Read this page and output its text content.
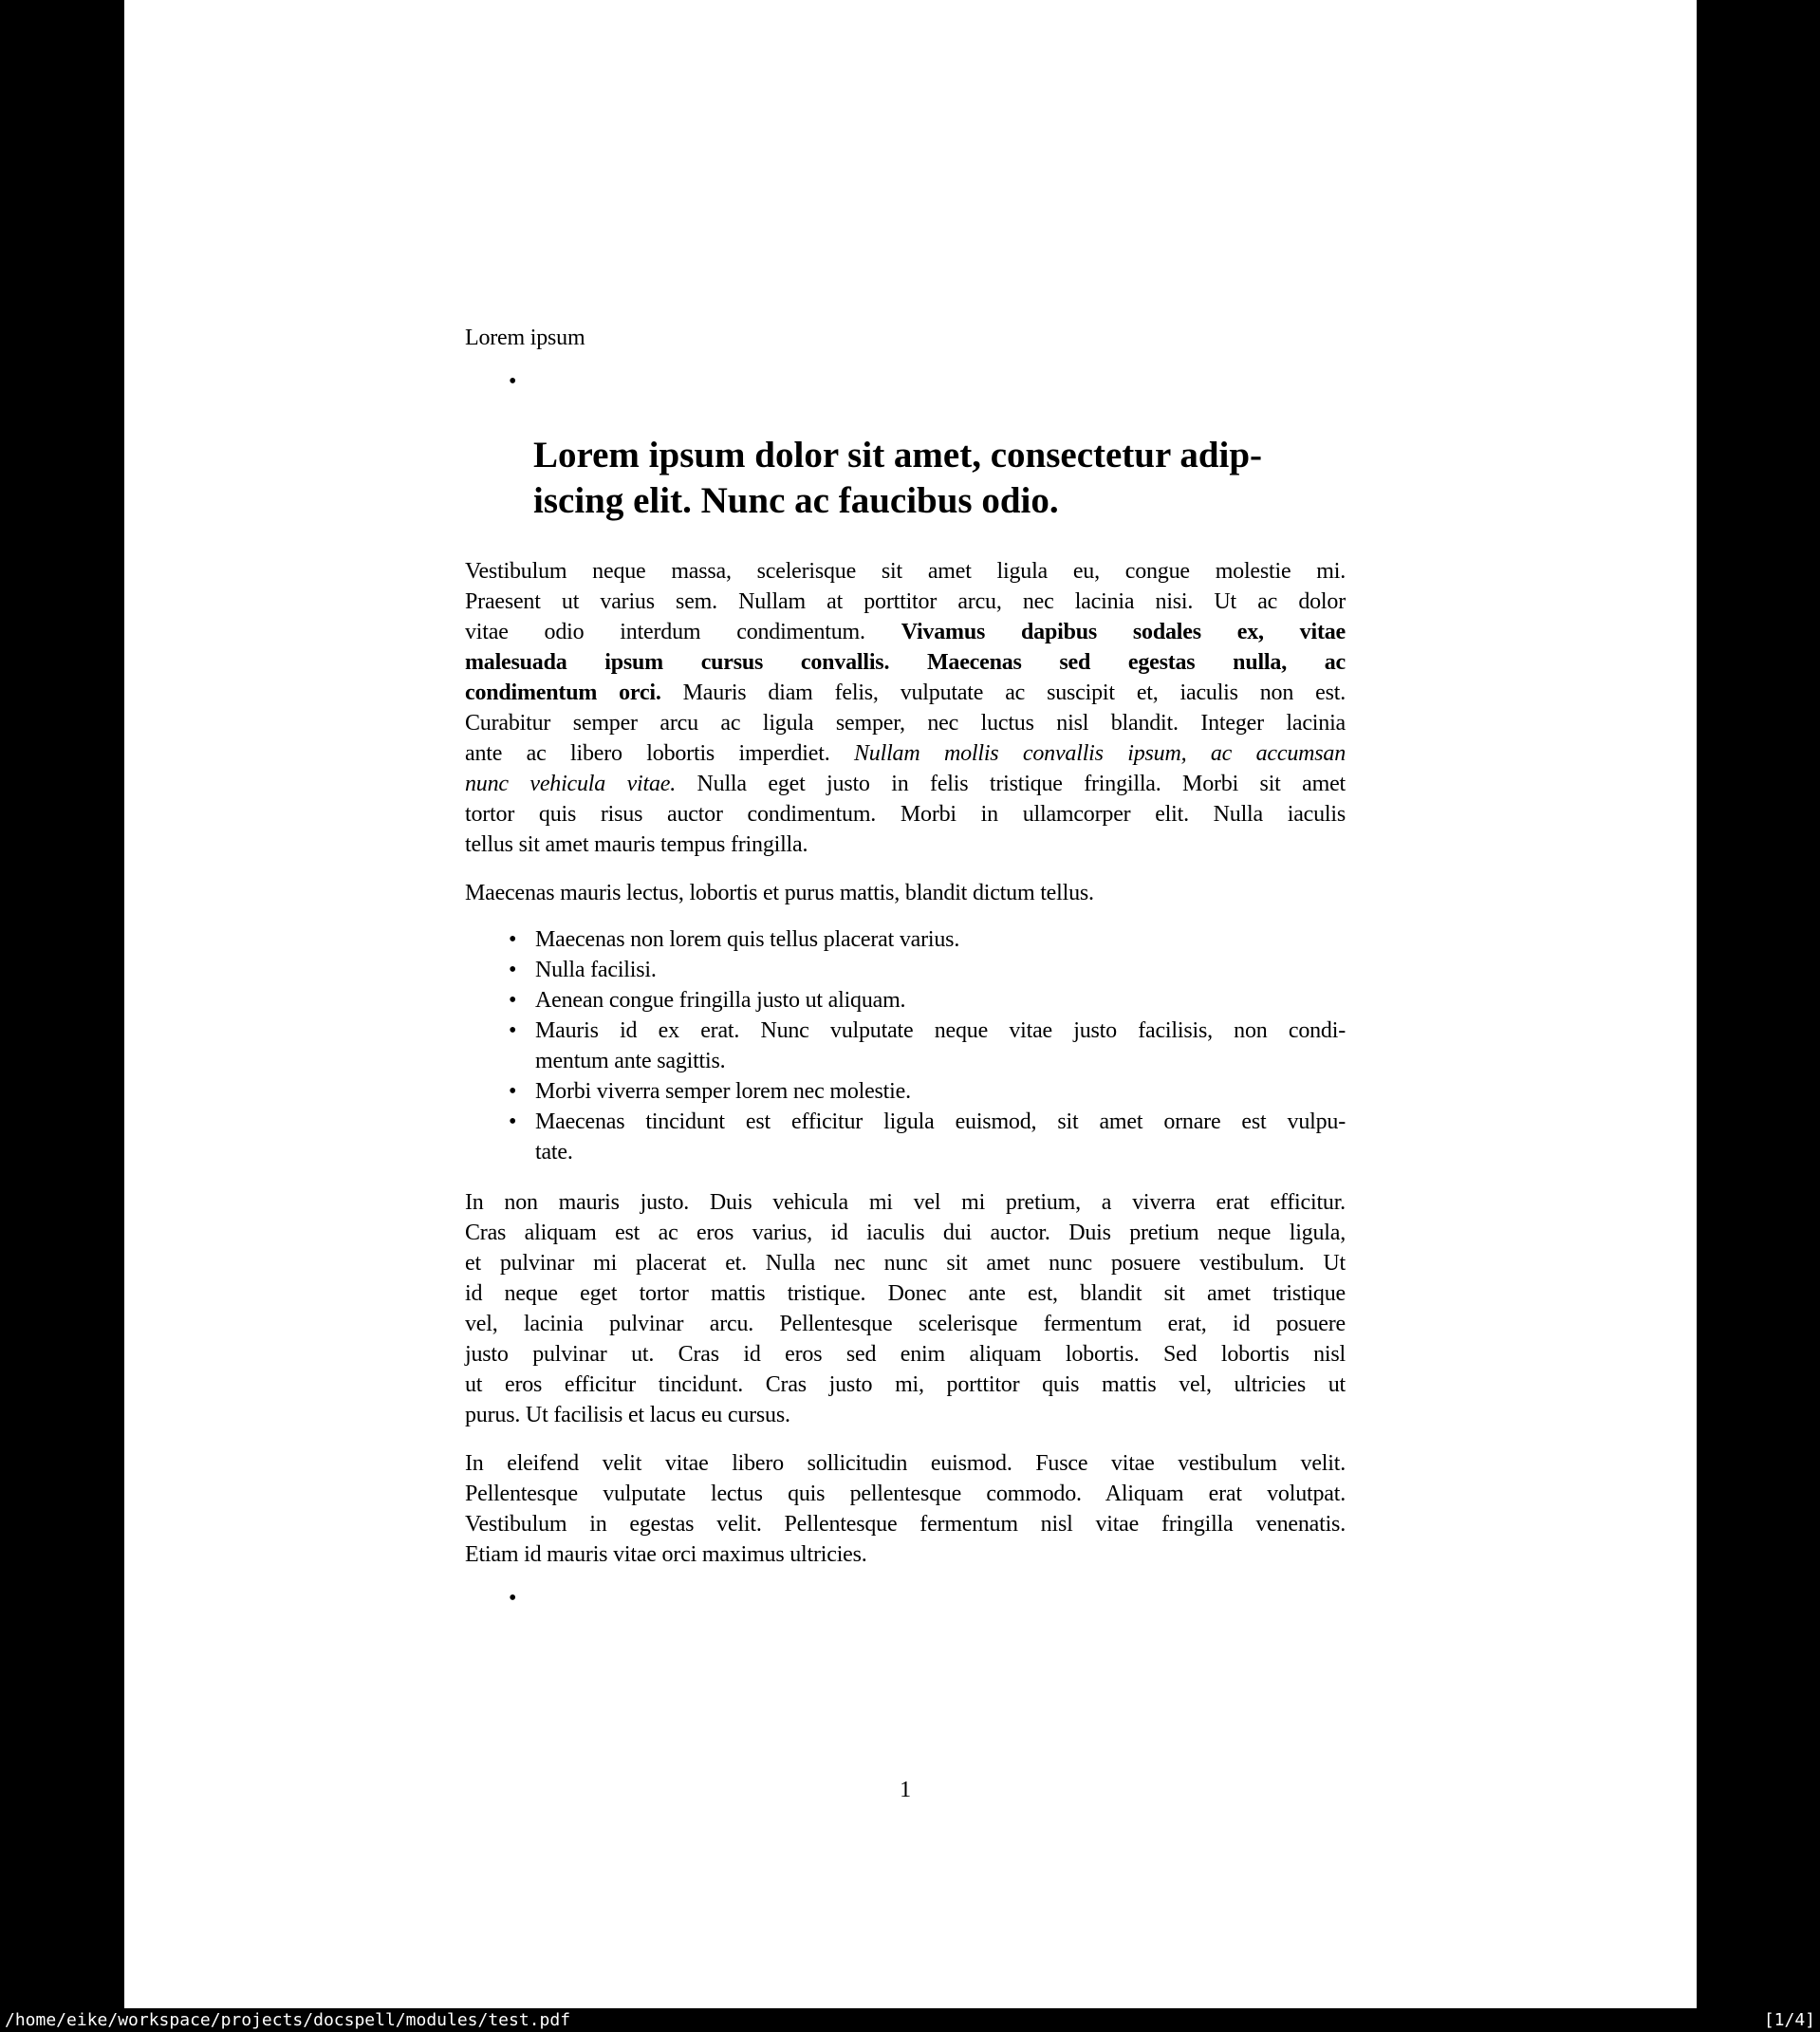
Lorem ipsum
•
Lorem ipsum dolor sit amet, consectetur adip-
iscing elit. Nunc ac faucibus odio.
Vestibulum neque massa, scelerisque sit amet ligula eu, congue molestie mi.
Praesent ut varius sem. Nullam at porttitor arcu, nec lacinia nisi. Ut ac dolor
vitae odio interdum condimentum. Vivamus dapibus sodales ex, vitae
malesuada ipsum cursus convallis. Maecenas sed egestas nulla, ac
condimentum orci. Mauris diam felis, vulputate ac suscipit et, iaculis non est.
Curabitur semper arcu ac ligula semper, nec luctus nisl blandit. Integer lacinia
ante ac libero lobortis imperdiet. Nullam mollis convallis ipsum, ac accumsan
nunc vehicula vitae. Nulla eget justo in felis tristique fringilla. Morbi sit amet
tortor quis risus auctor condimentum. Morbi in ullamcorper elit. Nulla iaculis
tellus sit amet mauris tempus fringilla.
Maecenas mauris lectus, lobortis et purus mattis, blandit dictum tellus.
• Maecenas non lorem quis tellus placerat varius.
• Nulla facilisi.
• Aenean congue fringilla justo ut aliquam.
• Mauris id ex erat. Nunc vulputate neque vitae justo facilisis, non condi-
mentum ante sagittis.
• Morbi viverra semper lorem nec molestie.
• Maecenas tincidunt est efficitur ligula euismod, sit amet ornare est vulpu-
tate.
In non mauris justo. Duis vehicula mi vel mi pretium, a viverra erat efficitur.
Cras aliquam est ac eros varius, id iaculis dui auctor. Duis pretium neque ligula,
et pulvinar mi placerat et. Nulla nec nunc sit amet nunc posuere vestibulum. Ut
id neque eget tortor mattis tristique. Donec ante est, blandit sit amet tristique
vel, lacinia pulvinar arcu. Pellentesque scelerisque fermentum erat, id posuere
justo pulvinar ut. Cras id eros sed enim aliquam lobortis. Sed lobortis nisl
ut eros efficitur tincidunt. Cras justo mi, porttitor quis mattis vel, ultricies ut
purus. Ut facilisis et lacus eu cursus.
In eleifend velit vitae libero sollicitudin euismod. Fusce vitae vestibulum velit.
Pellentesque vulputate lectus quis pellentesque commodo. Aliquam erat volutpat.
Vestibulum in egestas velit. Pellentesque fermentum nisl vitae fringilla venenatis.
Etiam id mauris vitae orci maximus ultricies.
•
1
/home/eike/workspace/projects/docspell/modules/test.pdf	[1/4]
